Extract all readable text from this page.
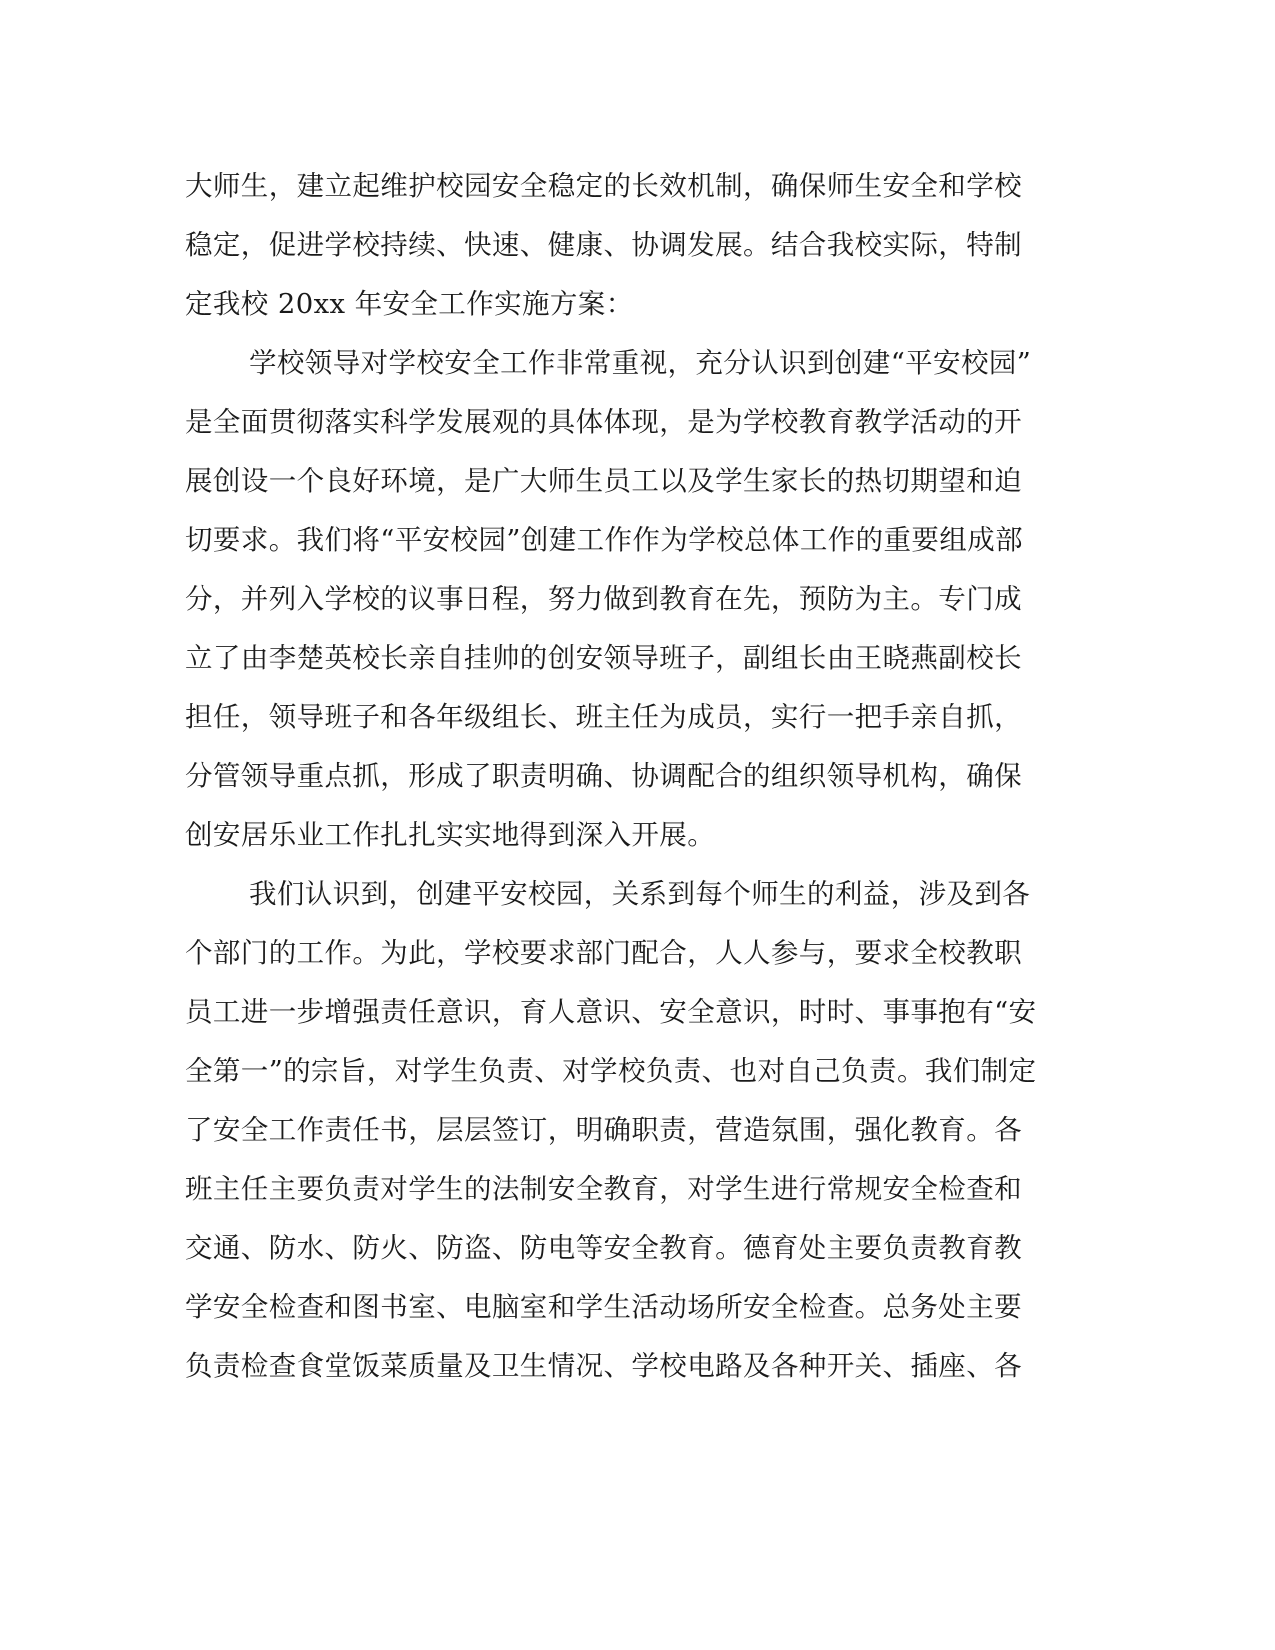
大师生，建立起维护校园安全稳定的长效机制，确保师生安全和学校
稳定，促进学校持续、快速、健康、协调发展。结合我校实际，特制
定我校 20xx 年安全工作实施方案：
学校领导对学校安全工作非常重视，充分认识到创建“平安校园”
是全面贯彻落实科学发展观的具体体现，是为学校教育教学活动的开
展创设一个良好环境，是广大师生员工以及学生家长的热切期望和迫
切要求。我们将“平安校园”创建工作作为学校总体工作的重要组成部
分，并列入学校的议事日程，努力做到教育在先，预防为主。专门成
立了由李楚英校长亲自挂帅的创安领导班子，副组长由王晓燕副校长
担任，领导班子和各年级组长、班主任为成员，实行一把手亲自抓，
分管领导重点抓，形成了职责明确、协调配合的组织领导机构，确保
创安居乐业工作扎扎实实地得到深入开展。
我们认识到，创建平安校园，关系到每个师生的利益，涉及到各
个部门的工作。为此，学校要求部门配合，人人参与，要求全校教职
员工进一步增强责任意识，育人意识、安全意识，时时、事事抱有“安
全第一”的宗旨，对学生负责、对学校负责、也对自己负责。我们制定
了安全工作责任书，层层签订，明确职责，营造氛围，强化教育。各
班主任主要负责对学生的法制安全教育，对学生进行常规安全检查和
交通、防水、防火、防盗、防电等安全教育。德育处主要负责教育教
学安全检查和图书室、电脑室和学生活动场所安全检查。总务处主要
负责检查食堂饭菜质量及卫生情况、学校电路及各种开关、插座、各
